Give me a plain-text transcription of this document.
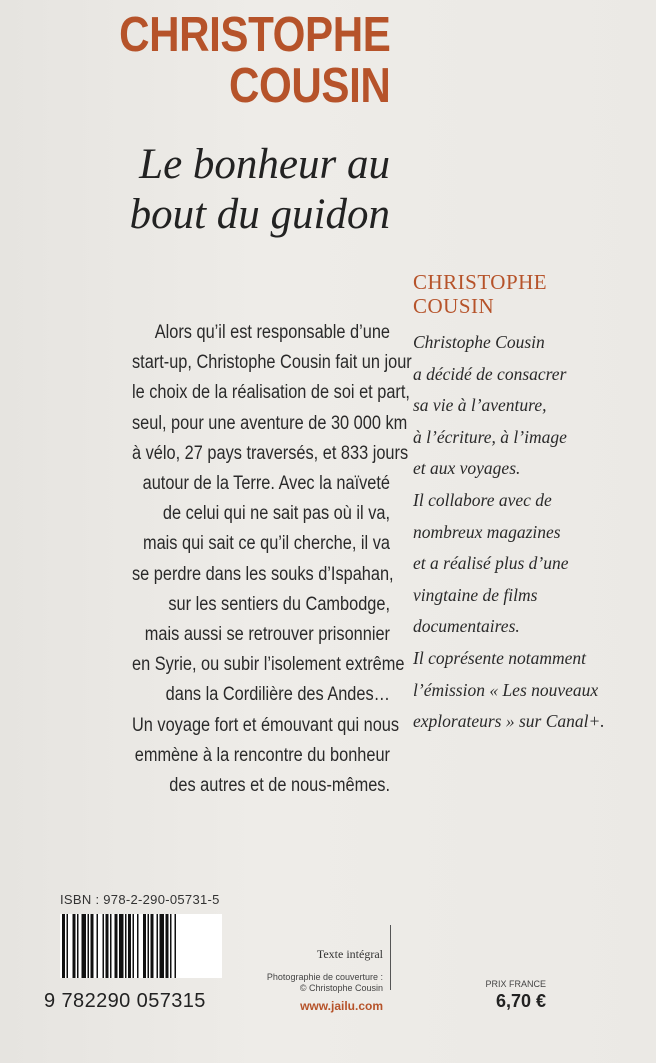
CHRISTOPHE
COUSIN
Le bonheur au
bout du guidon
Alors qu’il est responsable d’une
start-up, Christophe Cousin fait un jour
le choix de la réalisation de soi et part,
seul, pour une aventure de 30 000 km
à vélo, 27 pays traversés, et 833 jours
autour de la Terre. Avec la naïveté
de celui qui ne sait pas où il va,
mais qui sait ce qu’il cherche, il va
se perdre dans les souks d’Ispahan,
sur les sentiers du Cambodge,
mais aussi se retrouver prisonnier
en Syrie, ou subir l’isolement extrême
dans la Cordilière des Andes…
Un voyage fort et émouvant qui nous
emmène à la rencontre du bonheur
des autres et de nous-mêmes.
CHRISTOPHE
COUSIN
Christophe Cousin
a décidé de consacrer
sa vie à l’aventure,
à l’écriture, à l’image
et aux voyages.
Il collabore avec de
nombreux magazines
et a réalisé plus d’une
vingtaine de films
documentaires.
Il coprésente notamment
l’émission « Les nouveaux
explorateurs » sur Canal+.
ISBN : 978-2-290-05731-5
9 782290 057315
Texte intégral
Photographie de couverture :
© Christophe Cousin
www.jailu.com
PRIX FRANCE
6,70 €
